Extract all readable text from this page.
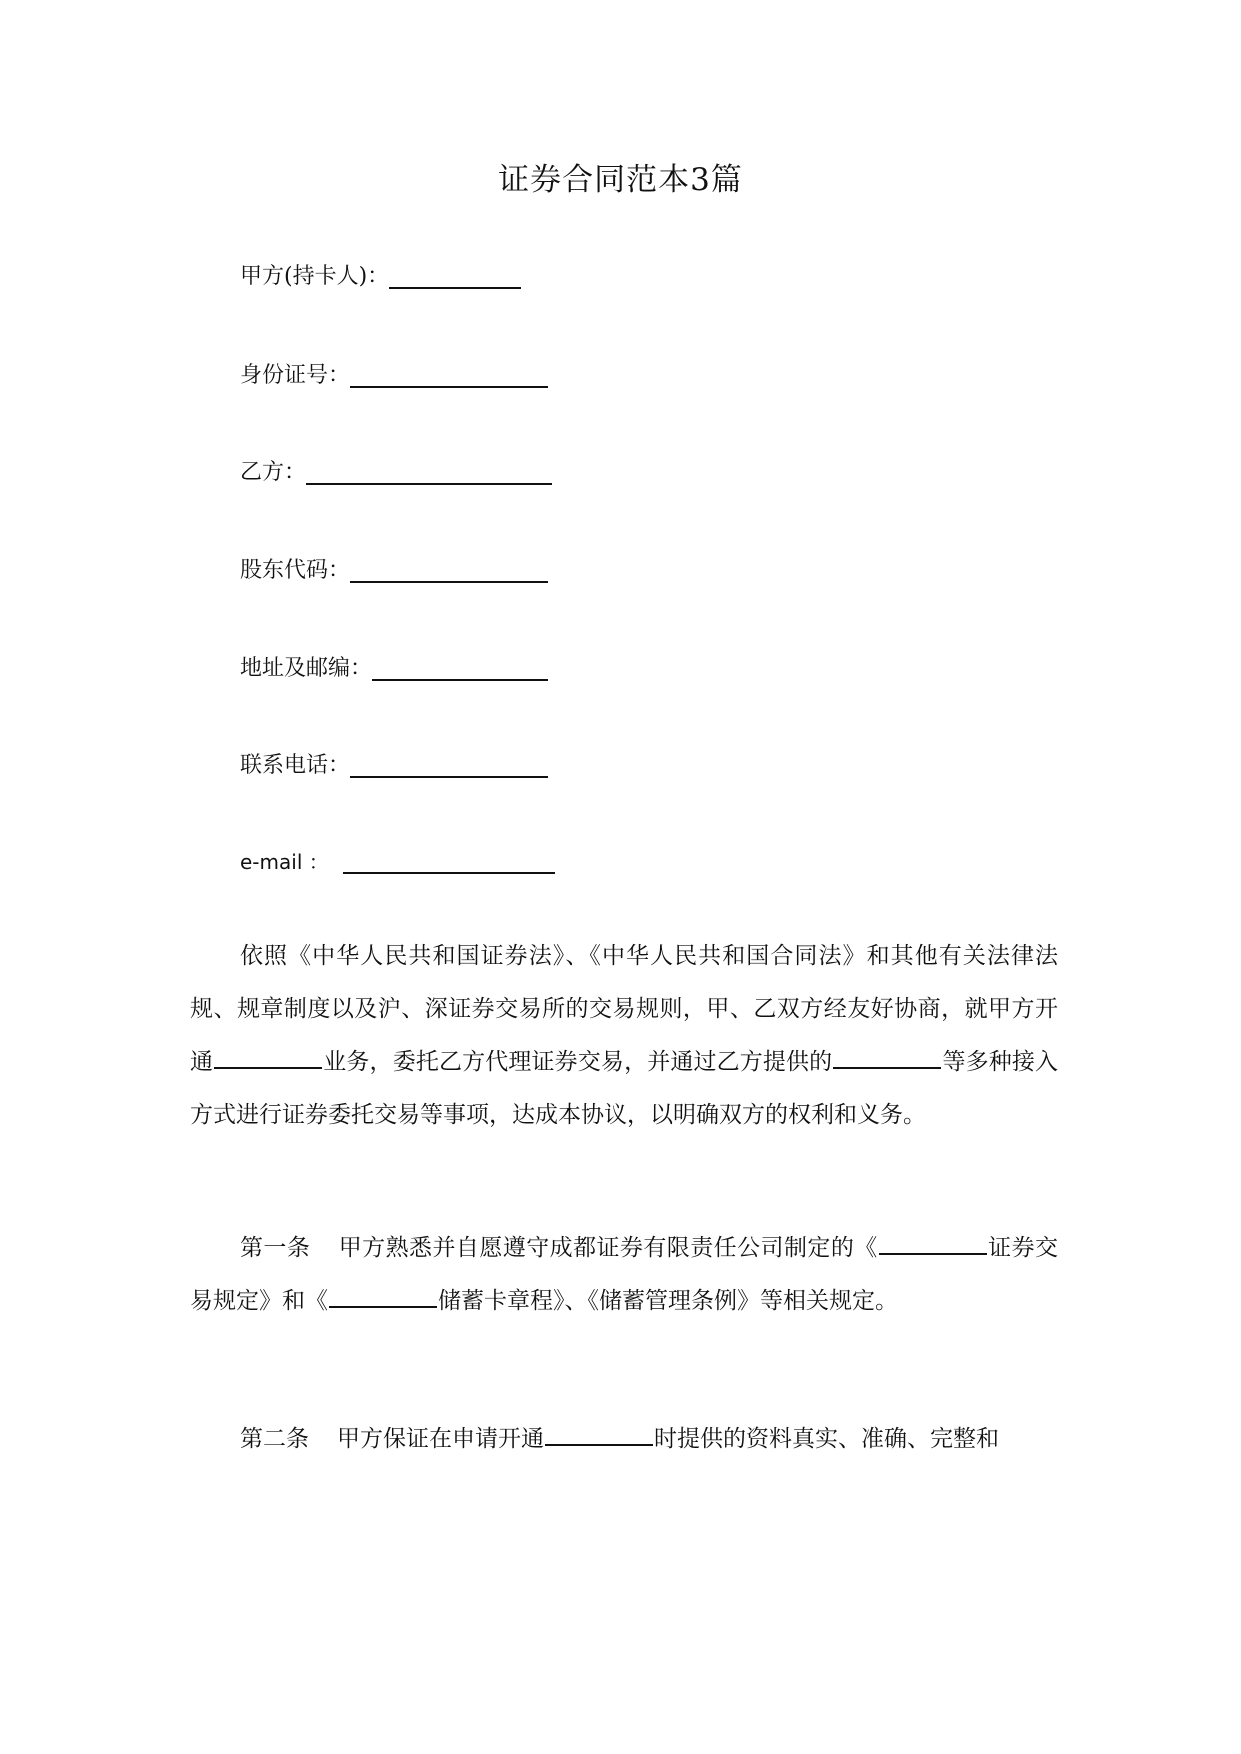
证券合同范本3篇
甲方(持卡人)：
身份证号：
乙方：
股东代码：
地址及邮编：
联系电话：
e-mail ：
依照《中华人民共和国证券法》、《中华人民共和国合同法》和其他有关法律法规、规章制度以及沪、深证券交易所的交易规则，甲、乙双方经友好协商，就甲方开通	业务，委托乙方代理证券交易，并通过乙方提供的	等多种接入方式进行证券委托交易等事项，达成本协议，以明确双方的权利和义务。
第一条 甲方熟悉并自愿遵守成都证券有限责任公司制定的《	证券交易规定》和《	储蓄卡章程》、《储蓄管理条例》等相关规定。
第二条 甲方保证在申请开通	时提供的资料真实、准确、完整和
